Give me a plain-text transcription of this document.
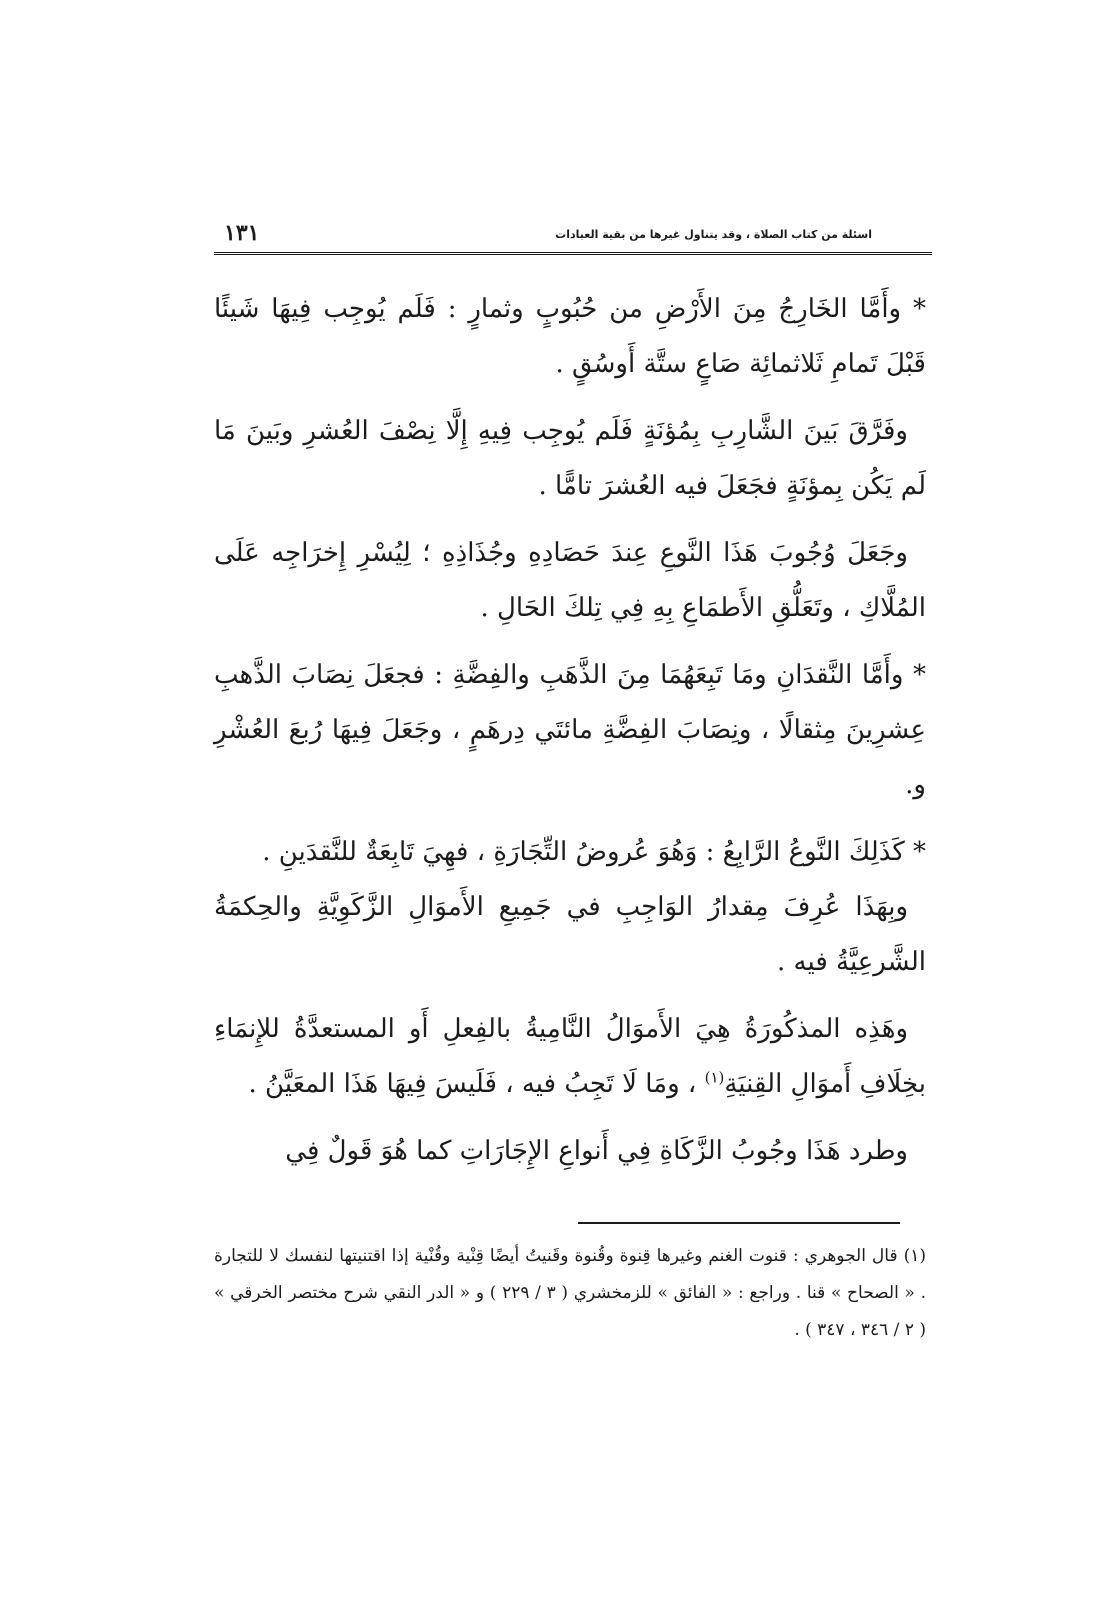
اسئلة من كتاب الصلاة ، وقد يتناول غيرها من بقية العبادات
١٣١

* وأَمَّا الخَارِجُ مِنَ الأَرْضِ من حُبُوبٍ وثمارٍ : فَلَم يُوجِب فِيهَا شَيئًا قَبْلَ تَمامِ ثَلاثمائِة صَاعٍ ستَّة أَوسُقٍ .

وفَرَّقَ بَينَ الشَّارِبِ بِمُؤنَةٍ فَلَم يُوجِب فِيهِ إِلَّا نِصْفَ العُشرِ وبَينَ مَا لَم يَكُن بِمؤنَةٍ فجَعَلَ فيه العُشرَ تامًّا .

وجَعَلَ وُجُوبَ هَذَا النَّوعِ عِندَ حَصَادِهِ وجُذَاذِهِ ؛ لِيُسْرِ إِخرَاجِه عَلَى المُلَّاكِ ، وتَعَلُّقِ الأَطمَاعِ بِهِ فِي تِلكَ الحَالِ .

* وأَمَّا النَّقدَانِ ومَا تَبِعَهُمَا مِنَ الذَّهَبِ والفِضَّةِ : فجعَلَ نِصَابَ الذَّهبِ عِشرِينَ مِثقالًا ، ونِصَابَ الفِضَّةِ مائتَي دِرهَمٍ ، وجَعَلَ فِيهَا رُبعَ العُشْرِ و.

* كَذَلِكَ النَّوعُ الرَّابِعُ : وَهُوَ عُروضُ التِّجَارَةِ ، فهِيَ تَابِعَةٌ للنَّقدَينِ .

وبِهَذَا عُرِفَ مِقدارُ الوَاجِبِ في جَمِيعِ الأَموَالِ الزَّكَوِيَّةِ والحِكمَةُ الشَّرعِيَّةُ فيه .

وهَذِه المذكُورَةُ هِيَ الأَموَالُ النَّامِيةُ بالفِعلِ أَو المستعدَّةُ للإِنمَاءِ بخِلَافِ أَموَالِ القِنيَةِ$^{(١)}$ ، ومَا لَا تَجِبُ فيه ، فَلَيسَ فِيهَا هَذَا المعَيَّنُ .

وطرد هَذَا وجُوبُ الزَّكَاةِ فِي أَنواعِ الإِجَارَاتِ كما هُوَ قَولٌ فِي

(١) قال الجوهري : قنوت الغنم وغيرها قِنوة وقُنوة وقَنيتُ أيضًا قِنْية وقُنْية إذا اقتنيتها لنفسك لا للتجارة . « الصحاح » قنا . وراجع : « الفائق » للزمخشري ( ٣ / ٢٢٩ ) و « الدر النقي شرح مختصر الخرقي » ( ٢ / ٣٤٦ ، ٣٤٧ ) .
